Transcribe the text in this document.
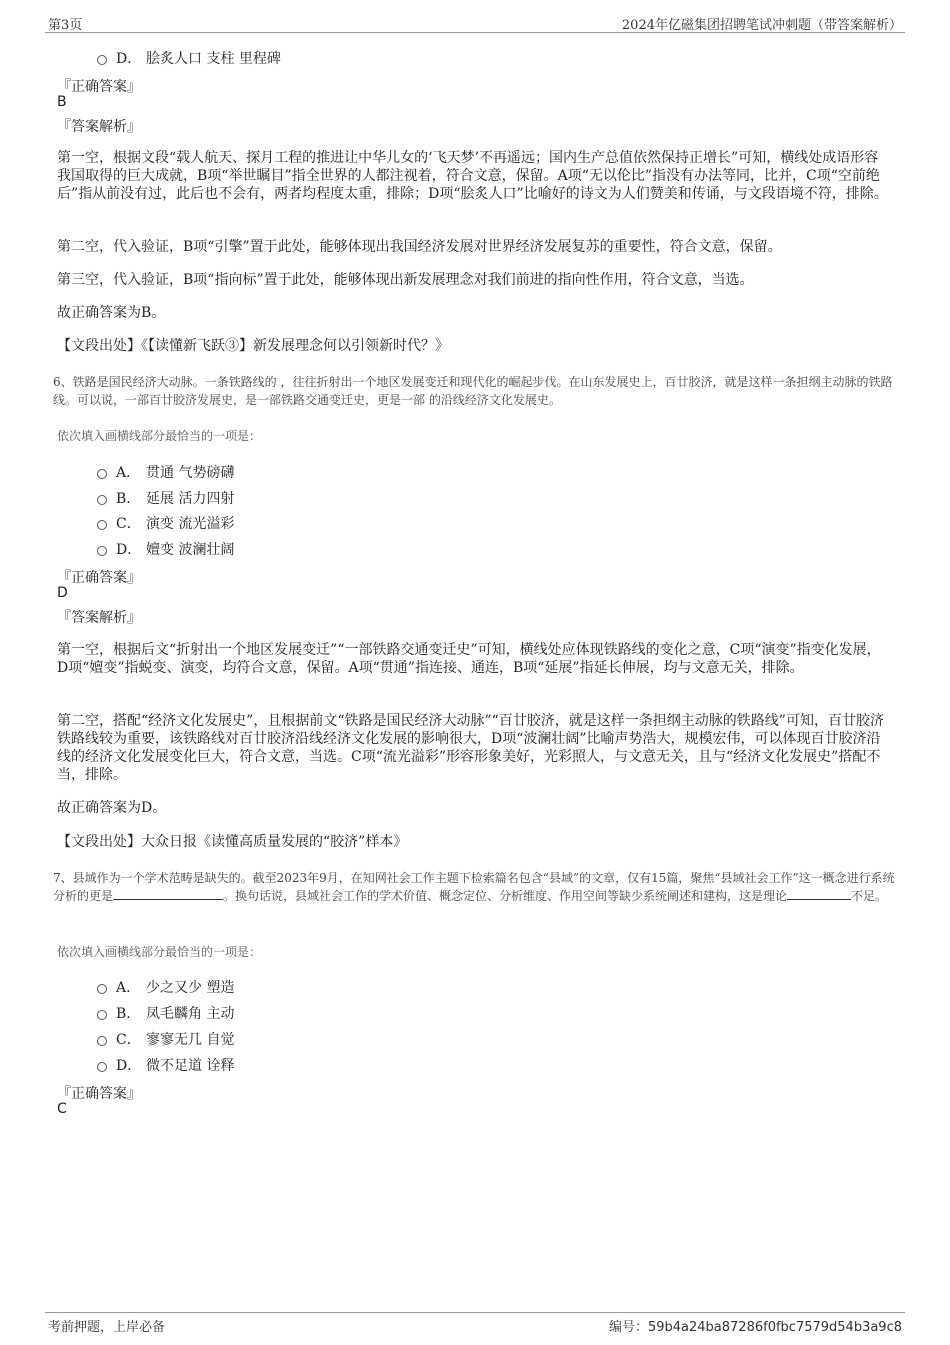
第3页	2024年亿磁集团招聘笔试冲刺题（带答案解析）
D． 脍炙人口 支柱 里程碑
『正确答案』
B
『答案解析』
第一空，根据文段“载人航天、探月工程的推进让中华儿女的‘飞天梦’不再遥远；国内生产总值依然保持正增长”可知，横线处成语形容我国取得的巨大成就，B项“举世瞩目”指全世界的人都注视着，符合文意，保留。A项“无以伦比”指没有办法等同，比并，C项“空前绝后”指从前没有过，此后也不会有，两者均程度太重，排除；D项“脍炙人口”比喻好的诗文为人们赞美和传诵，与文段语境不符，排除。
第二空，代入验证，B项“引擎”置于此处，能够体现出我国经济发展对世界经济发展复苏的重要性，符合文意，保留。
第三空，代入验证，B项“指向标”置于此处，能够体现出新发展理念对我们前进的指向性作用，符合文意，当选。
故正确答案为B。
【文段出处】《【读懂新飞跃③】新发展理念何以引领新时代？》
6、铁路是国民经济大动脉。一条铁路线的 ，往往折射出一个地区发展变迁和现代化的崛起步伐。在山东发展史上，百廿胶济，就是这样一条担纲主动脉的铁路线。可以说，一部百廿胶济发展史，是一部铁路交通变迁史，更是一部 的沿线经济文化发展史。
依次填入画横线部分最恰当的一项是：
A． 贯通 气势磅礴
B． 延展 活力四射
C． 演变 流光溢彩
D． 嬗变 波澜壮阔
『正确答案』
D
『答案解析』
第一空，根据后文“折射出一个地区发展变迁”“一部铁路交通变迁史”可知，横线处应体现铁路线的变化之意，C项“演变”指变化发展，D项“嬗变”指蜕变、演变，均符合文意，保留。A项“贯通”指连接、通连，B项“延展”指延长伸展，均与文意无关，排除。
第二空，搭配“经济文化发展史”，且根据前文“铁路是国民经济大动脉”“百廿胶济，就是这样一条担纲主动脉的铁路线”可知，百廿胶济铁路线较为重要，该铁路线对百廿胶济沿线经济文化发展的影响很大，D项“波澜壮阔”比喻声势浩大，规模宏伟，可以体现百廿胶济沿线的经济文化发展变化巨大，符合文意，当选。C项“流光溢彩”形容形象美好，光彩照人，与文意无关，且与“经济文化发展史”搭配不当，排除。
故正确答案为D。
【文段出处】大众日报《读懂高质量发展的“胶济”样本》
7、县域作为一个学术范畴是缺失的。截至2023年9月，在知网社会工作主题下检索篇名包含“县域”的文章，仅有15篇，聚焦“县域社会工作”这一概念进行系统分析的更是	。换句话说，县域社会工作的学术价值、概念定位、分析维度、作用空间等缺少系统阐述和建构，这是理论	不足。
依次填入画横线部分最恰当的一项是：
A． 少之又少 塑造
B． 凤毛麟角 主动
C． 寥寥无几 自觉
D． 微不足道 诠释
『正确答案』
C
考前押题，上岸必备	编号：59b4a24ba87286f0fbc7579d54b3a9c8
